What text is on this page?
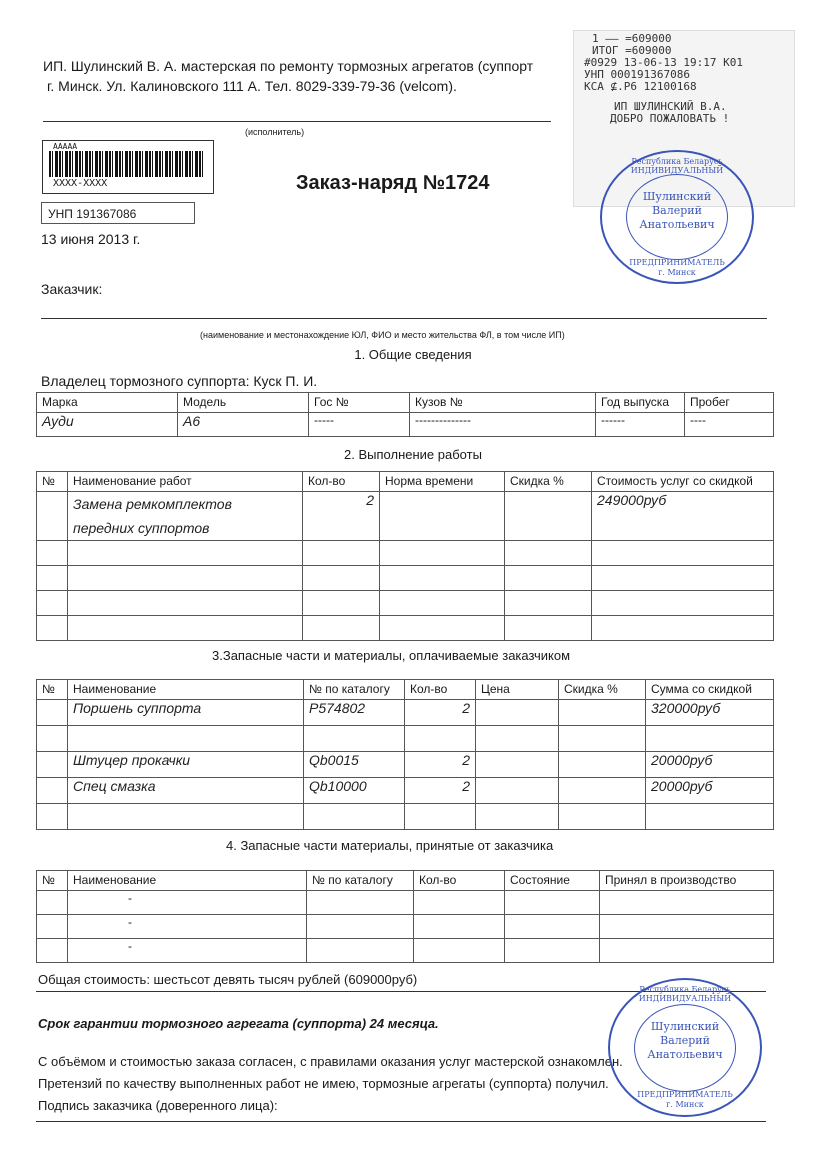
ИП. Шулинский В. А. мастерская по ремонту тормозных агрегатов (суппорт
г. Минск. Ул. Калиновского 111 А. Тел. 8029-339-79-36 (velcom).
(исполнитель)
ААААА
XXXX-XXXX
1 —— =609000
ИТОГ =609000
#0929 13-06-13 19:17 К01
УНП 000191367086
КСА ⊈.Р6 12100168
ИП ШУЛИНСКИЙ В.А.
ДОБРО ПОЖАЛОВАТЬ !
Республика Беларусь
ИНДИВИДУАЛЬНЫЙ
Шулинский
Валерий
Анатольевич
ПРЕДПРИНИМАТЕЛЬ
г. Минск
Заказ-наряд №1724
УНП 191367086
13 июня 2013 г.
Заказчик:
(наименование и местонахождение ЮЛ, ФИО и место жительства ФЛ, в том числе ИП)
1. Общие сведения
Владелец тормозного суппорта: Куск П. И.
Марка	Модель	Гос №	Кузов №	Год выпуска	Пробег
Ауди	А6	-----	--------------	------	----
2. Выполнение работы
№	Наименование работ	Кол-во	Норма времени	Скидка %	Стоимость услуг со скидкой

	Замена ремкомплектов
передних суппортов	2			249000руб

3.Запасные части и материалы, оплачиваемые заказчиком
№	Наименование	№ по каталогу	Кол-во	Цена	Скидка %	Сумма со скидкой
	Поршень суппорта	P574802	2			320000руб

	Штуцер прокачки	Qb0015	2			20000руб
	Спец смазка	Qb10000	2			20000руб

4. Запасные части материалы, принятые от заказчика
№	Наименование	№ по каталогу	Кол-во	Состояние	Принял в производство
	-				
	-				
	-				
Общая стоимость: шестьсот девять тысяч рублей (609000руб)
Срок гарантии тормозного агрегата (суппорта) 24 месяца.
С объёмом и стоимостью заказа согласен, с правилами оказания услуг мастерской ознакомлен.
Претензий по качеству выполненных работ не имею, тормозные агрегаты (суппорта) получил.
Подпись заказчика (доверенного лица):
Республика Беларусь
ИНДИВИДУАЛЬНЫЙ
Шулинский
Валерий
Анатольевич
ПРЕДПРИНИМАТЕЛЬ
г. Минск
